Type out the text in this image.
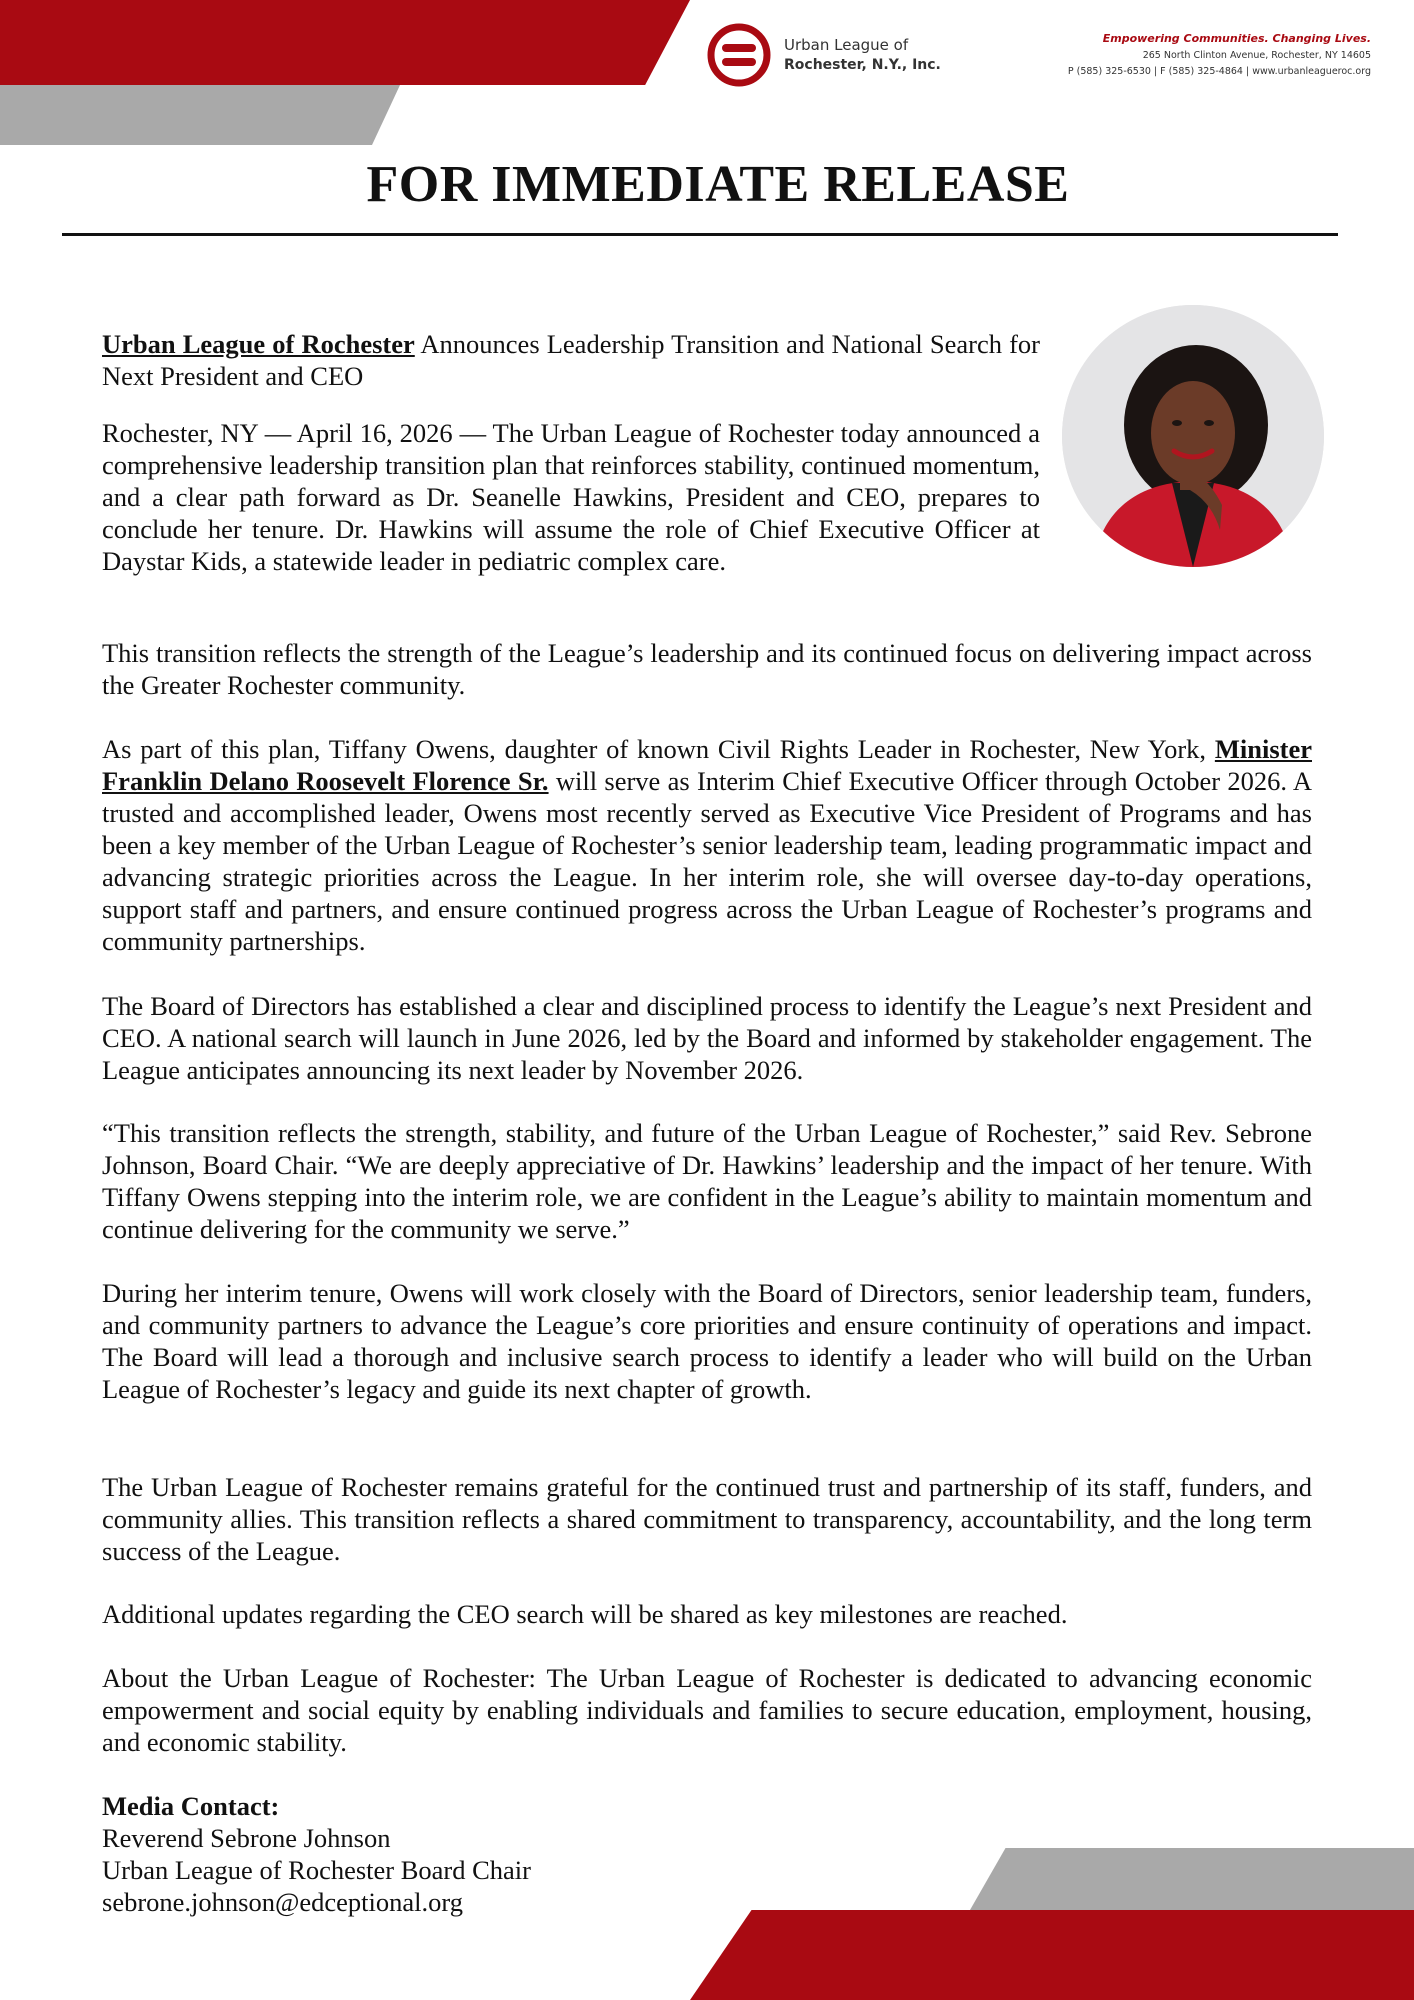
Urban League of
Rochester, N.Y., Inc.
Empowering Communities. Changing Lives.
265 North Clinton Avenue, Rochester, NY 14605
P (585) 325-6530 | F (585) 325-4864 | www.urbanleagueroc.org
FOR IMMEDIATE RELEASE

Urban League of Rochester Announces Leadership Transition and National Search for Next President and CEO

Rochester, NY — April 16, 2026 — The Urban League of Rochester today announced a comprehensive leadership transition plan that reinforces stability, continued momentum, and a clear path forward as Dr. Seanelle Hawkins, President and CEO, prepares to conclude her tenure. Dr. Hawkins will assume the role of Chief Executive Officer at Daystar Kids, a statewide leader in pediatric complex care.

This transition reflects the strength of the League’s leadership and its continued focus on delivering impact across the Greater Rochester community.

As part of this plan, Tiffany Owens, daughter of known Civil Rights Leader in Rochester, New York, Minister Franklin Delano Roosevelt Florence Sr. will serve as Interim Chief Executive Officer through October 2026. A trusted and accomplished leader, Owens most recently served as Executive Vice President of Programs and has been a key member of the Urban League of Rochester’s senior leadership team, leading programmatic impact and advancing strategic priorities across the League. In her interim role, she will oversee day-to-day operations, support staff and partners, and ensure continued progress across the Urban League of Rochester’s programs and community partnerships.

The Board of Directors has established a clear and disciplined process to identify the League’s next President and CEO. A national search will launch in June 2026, led by the Board and informed by stakeholder engagement. The League anticipates announcing its next leader by November 2026.

“This transition reflects the strength, stability, and future of the Urban League of Rochester,” said Rev. Sebrone Johnson, Board Chair. “We are deeply appreciative of Dr. Hawkins’ leadership and the impact of her tenure. With Tiffany Owens stepping into the interim role, we are confident in the League’s ability to maintain momentum and continue delivering for the community we serve.”

During her interim tenure, Owens will work closely with the Board of Directors, senior leadership team, funders, and community partners to advance the League’s core priorities and ensure continuity of operations and impact. The Board will lead a thorough and inclusive search process to identify a leader who will build on the Urban League of Rochester’s legacy and guide its next chapter of growth.

The Urban League of Rochester remains grateful for the continued trust and partnership of its staff, funders, and community allies. This transition reflects a shared commitment to transparency, accountability, and the long term success of the League.

Additional updates regarding the CEO search will be shared as key milestones are reached.

About the Urban League of Rochester: The Urban League of Rochester is dedicated to advancing economic empowerment and social equity by enabling individuals and families to secure education, employment, housing, and economic stability.

Media Contact:
Reverend Sebrone Johnson
Urban League of Rochester Board Chair
sebrone.johnson@edceptional.org
